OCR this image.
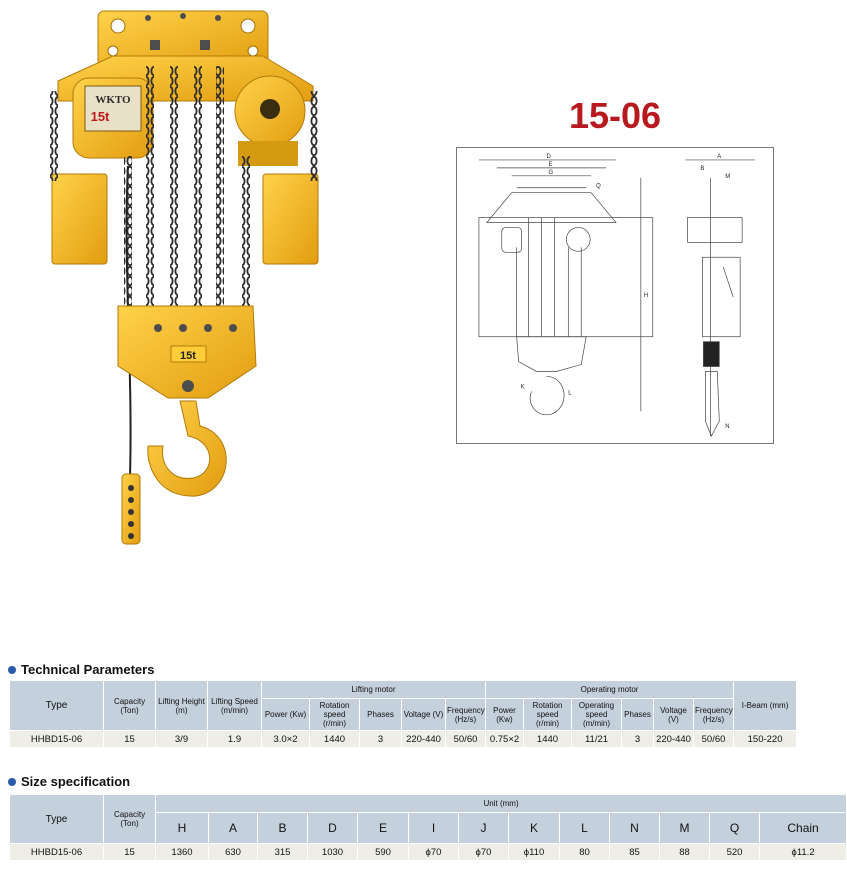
WKTO
15t
15t
15-06
D
E
G
H
A
B
M
N
K
L
Q
Technical Parameters
Type	Capacity (Ton)	Lifting Height (m)	Lifting Speed (m/min)	Lifting motor					Operating motor						I-Beam (mm)
				Power (Kw)	Rotation speed (r/min)	Phases	Voltage (V)	Frequency (Hz/s)	Power (Kw)	Rotation speed (r/min)	Operating speed (m/min)	Phases	Voltage (V)	Frequency (Hz/s)	
HHBD15-06	15	3/9	1.9	3.0×2	1440	3	220-440	50/60	0.75×2	1440	11/21	3	220-440	50/60	150-220
Size specification
Type	Capacity (Ton)	Unit (mm)												
		H	A	B	D	E	I	J	K	L	N	M	Q	Chain
HHBD15-06	15	1360	630	315	1030	590	ϕ70	ϕ70	ϕ110	80	85	88	520	ϕ11.2
